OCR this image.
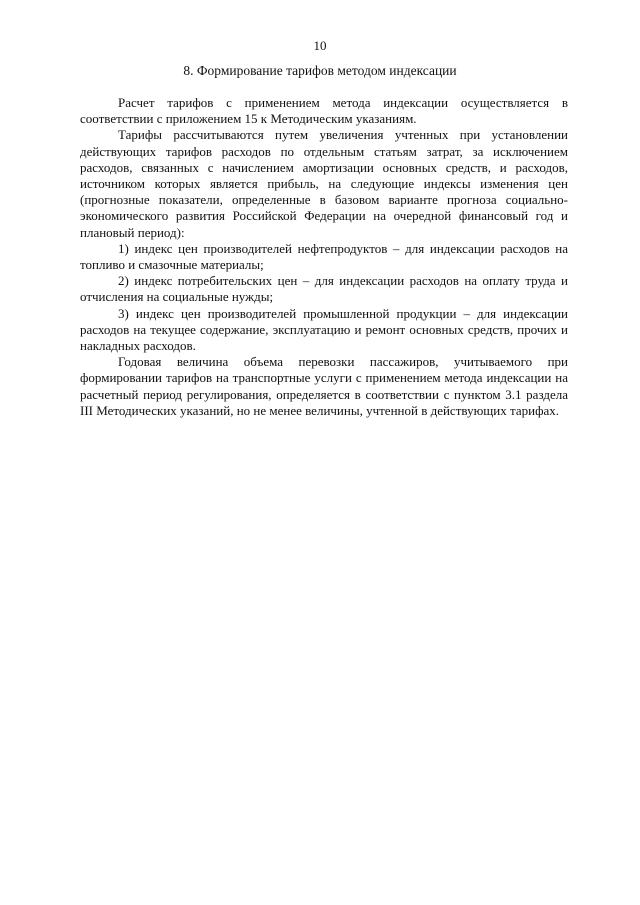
10
8. Формирование тарифов методом индексации

Расчет тарифов с применением метода индексации осуществляется в соответствии с приложением 15 к Методическим указаниям.

Тарифы рассчитываются путем увеличения учтенных при установлении действующих тарифов расходов по отдельным статьям затрат, за исключением расходов, связанных с начислением амортизации основных средств, и расходов, источником которых является прибыль, на следующие индексы изменения цен (прогнозные показатели, определенные в базовом варианте прогноза социально-экономического развития Российской Федерации на очередной финансовый год и плановый период):

1) индекс цен производителей нефтепродуктов – для индексации расходов на топливо и смазочные материалы;

2) индекс потребительских цен – для индексации расходов на оплату труда и отчисления на социальные нужды;

3) индекс цен производителей промышленной продукции – для индексации расходов на текущее содержание, эксплуатацию и ремонт основных средств, прочих и накладных расходов.

Годовая величина объема перевозки пассажиров, учитываемого при формировании тарифов на транспортные услуги с применением метода индексации на расчетный период регулирования, определяется в соответствии с пунктом 3.1 раздела III Методических указаний, но не менее величины, учтенной в действующих тарифах.
